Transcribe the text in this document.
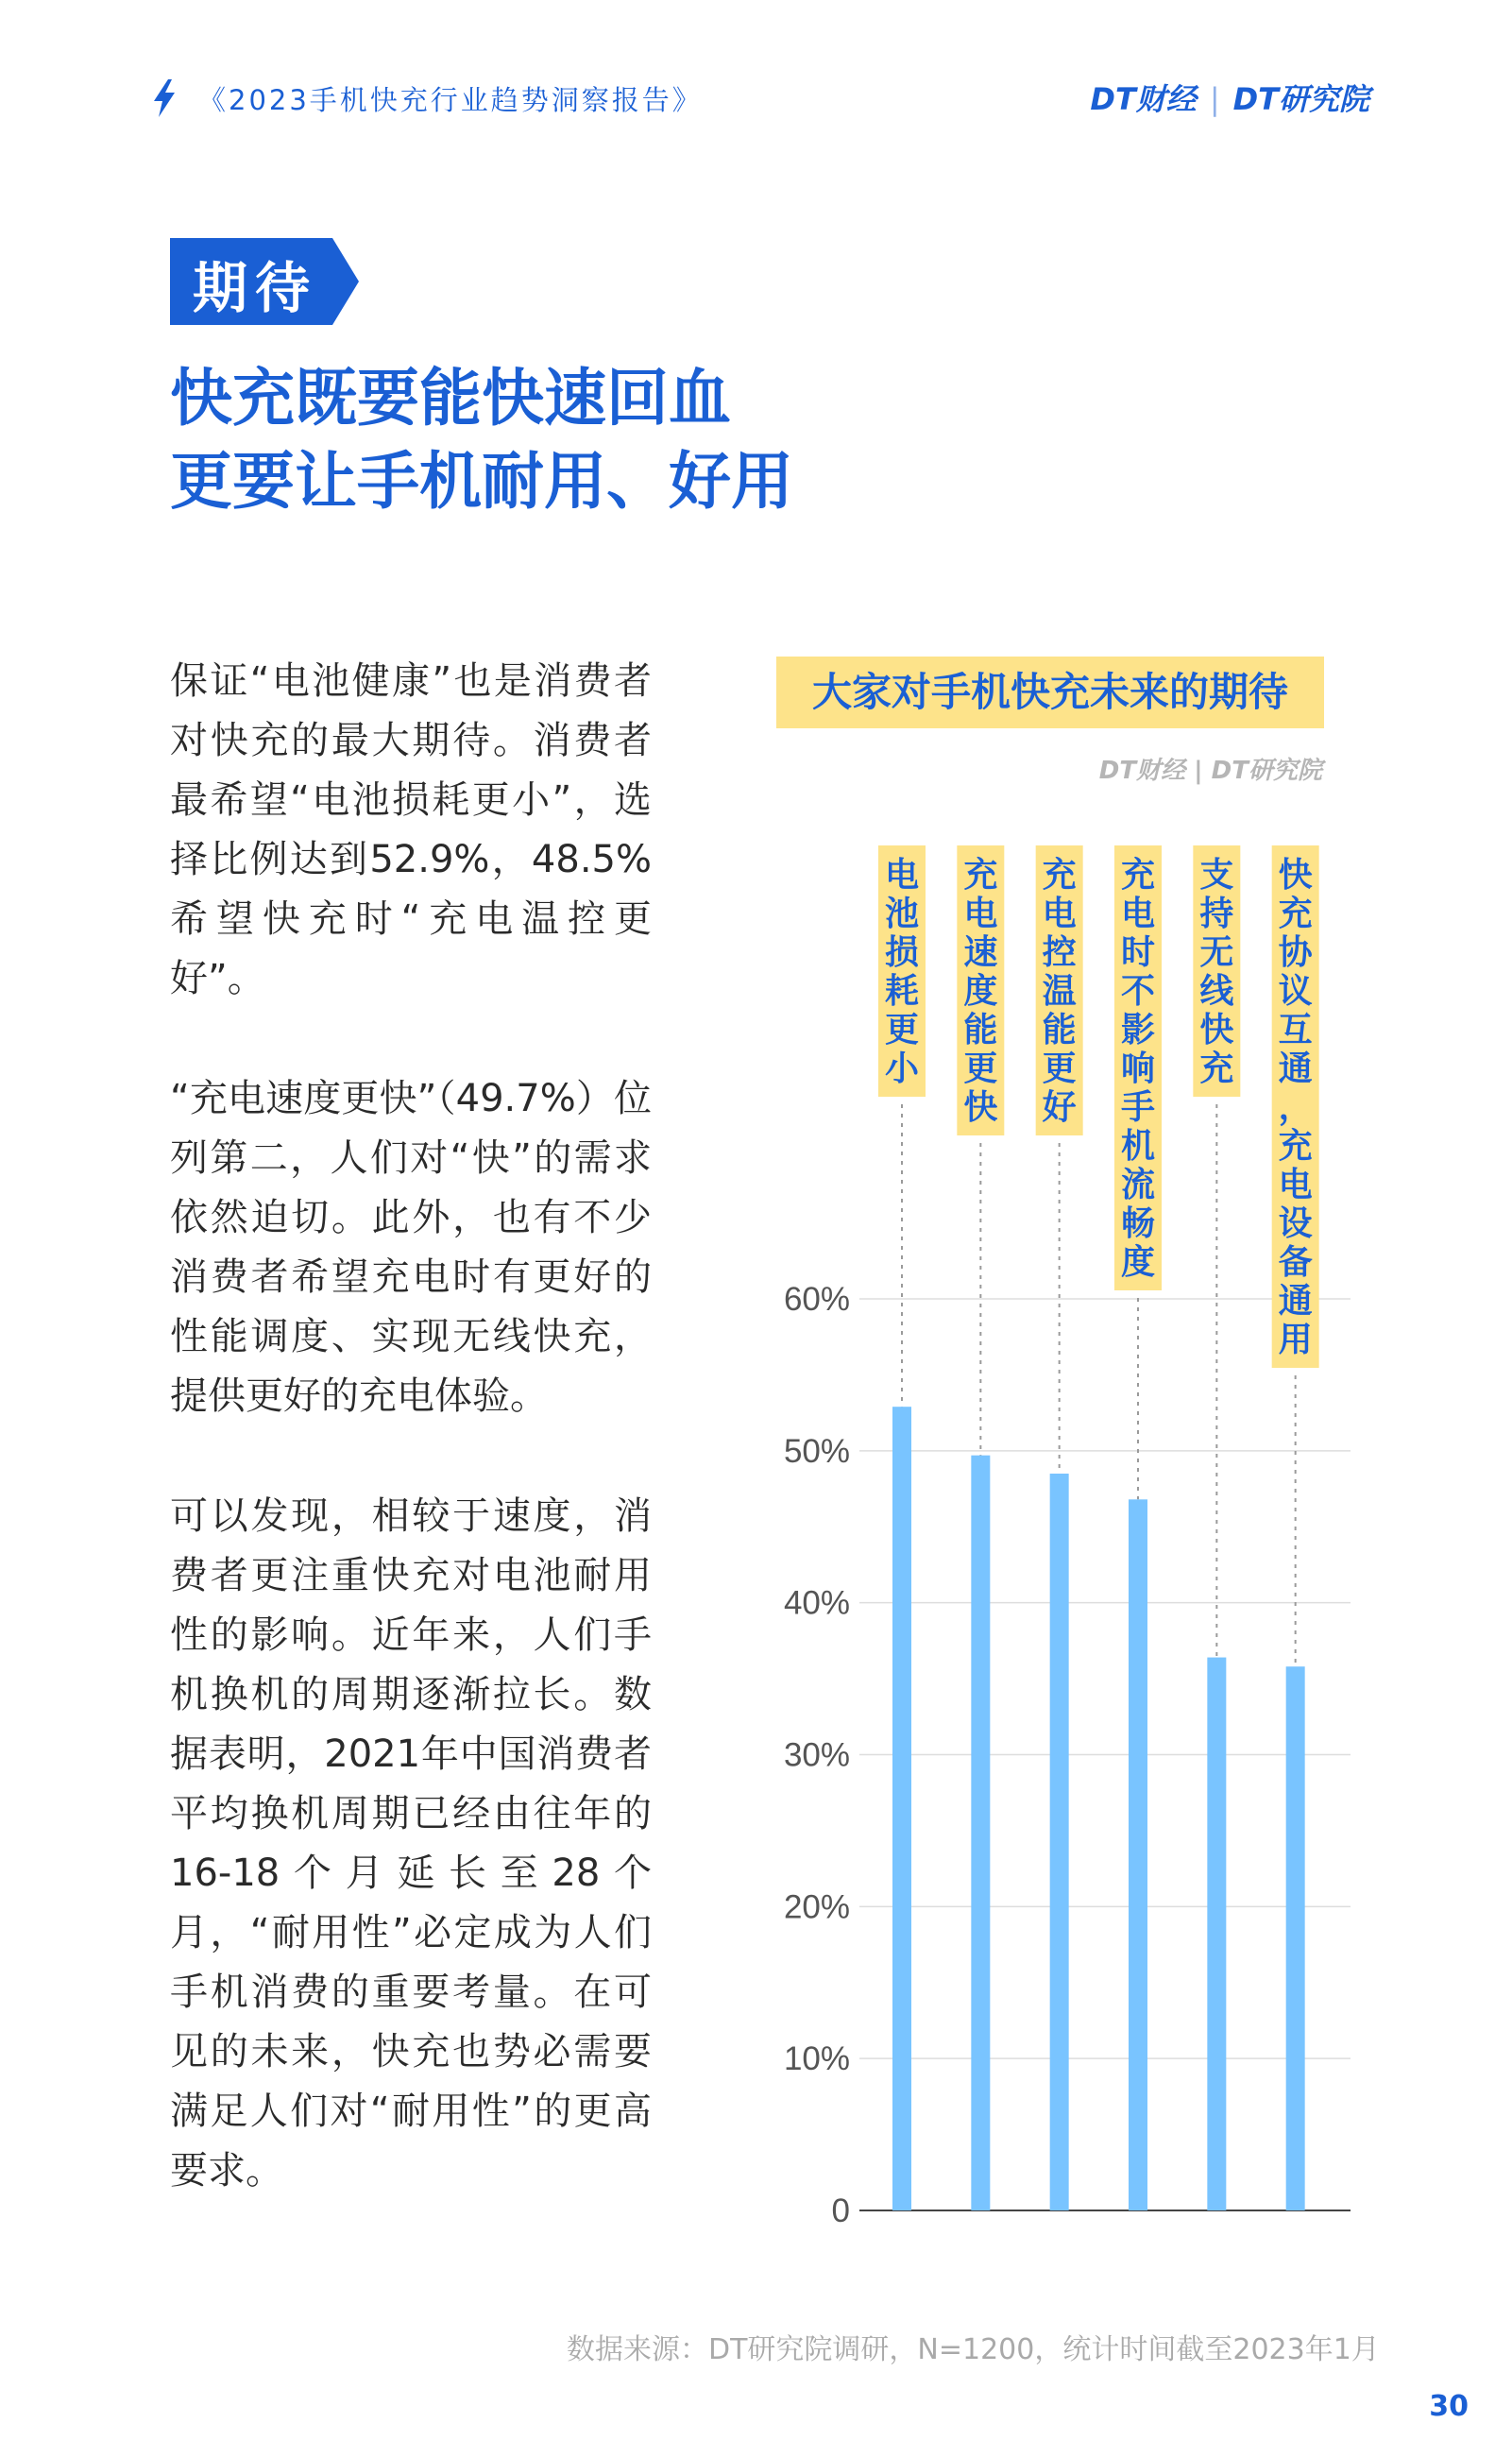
《2023手机快充行业趋势洞察报告》	DT财经 | DT研究院
期待
快充既要能快速回血
更要让手机耐用、好用

保证“电池健康”也是消费者对快充的最大期待。消费者最希望“电池损耗更小”，选择比例达到52.9%，48.5%希望快充时“充电温控更好”。

“充电速度更快”（49.7%）位列第二，人们对“快”的需求依然迫切。此外，也有不少消费者希望充电时有更好的性能调度、实现无线快充，提供更好的充电体验。

可以发现，相较于速度，消费者更注重快充对电池耐用性的影响。近年来，人们手机换机的周期逐渐拉长。数据表明，2021年中国消费者平均换机周期已经由往年的16-18个月延长至28个月，“耐用性”必定成为人们手机消费的重要考量。在可见的未来，快充也势必需要满足人们对“耐用性”的更高要求。

大家对手机快充未来的期待
DT财经 | DT研究院
0
10%
20%
30%
40%
50%
60%
电池损耗更小
充电速度能更快
充电控温能更好
充电时不影响手机流畅度
支持无线快充
快充协议互通，充电设备通用
数据来源：DT研究院调研，N=1200，统计时间截至2023年1月
30
